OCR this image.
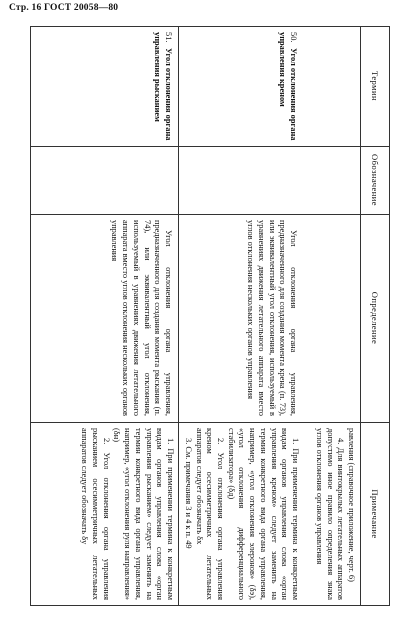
Стр. 16 ГОСТ 20058—80
Термин
Обозначение
Определение
Примечание

равления (справочное приложение, черт. 6)

4. Для винтокрылых летательных аппаратов допустимо иное правило определения знака углов отклонения органов управления

50.Угол отклонения органа управления креном

Угол отклонения органа управления, предназначенного для создания момента крена (п. 73), или эквивалентный угол отклонения, используемый в уравнениях движения летательного аппарата вместо углов отклонения нескольких органов управления

1. При применении термина к конкретным видам органов управления слова «орган управления креном» следует заменить на термин конкретного вида органа управления, например, «угол отклонения элеронов» (δэ), «угол отклонения дифференциального стабилизатора» (δд)

2. Угол отклонения органа управления креном осесимметричных летательных аппаратов следует обозначать δх

3. См. примечания 3 и 4 к п. 49

51.Угол отклонения органа управления рысканием

Угол отклонения органа управления, предназначенного для создания момента рыскания (п. 74), или эквивалентный угол отклонения, используемый в уравнениях движения летательного аппарата вместо углов отклонения нескольких органов управления

1. При применении термина к конкретным видам органов управления слова «орган управления рысканием» следует заменить на термин конкретного вида органа управления, например, «угол отклонения руля направления» (δн)

2. Угол отклонения органа управления рысканием осесимметричных летательных аппаратов следует обозначать δу
